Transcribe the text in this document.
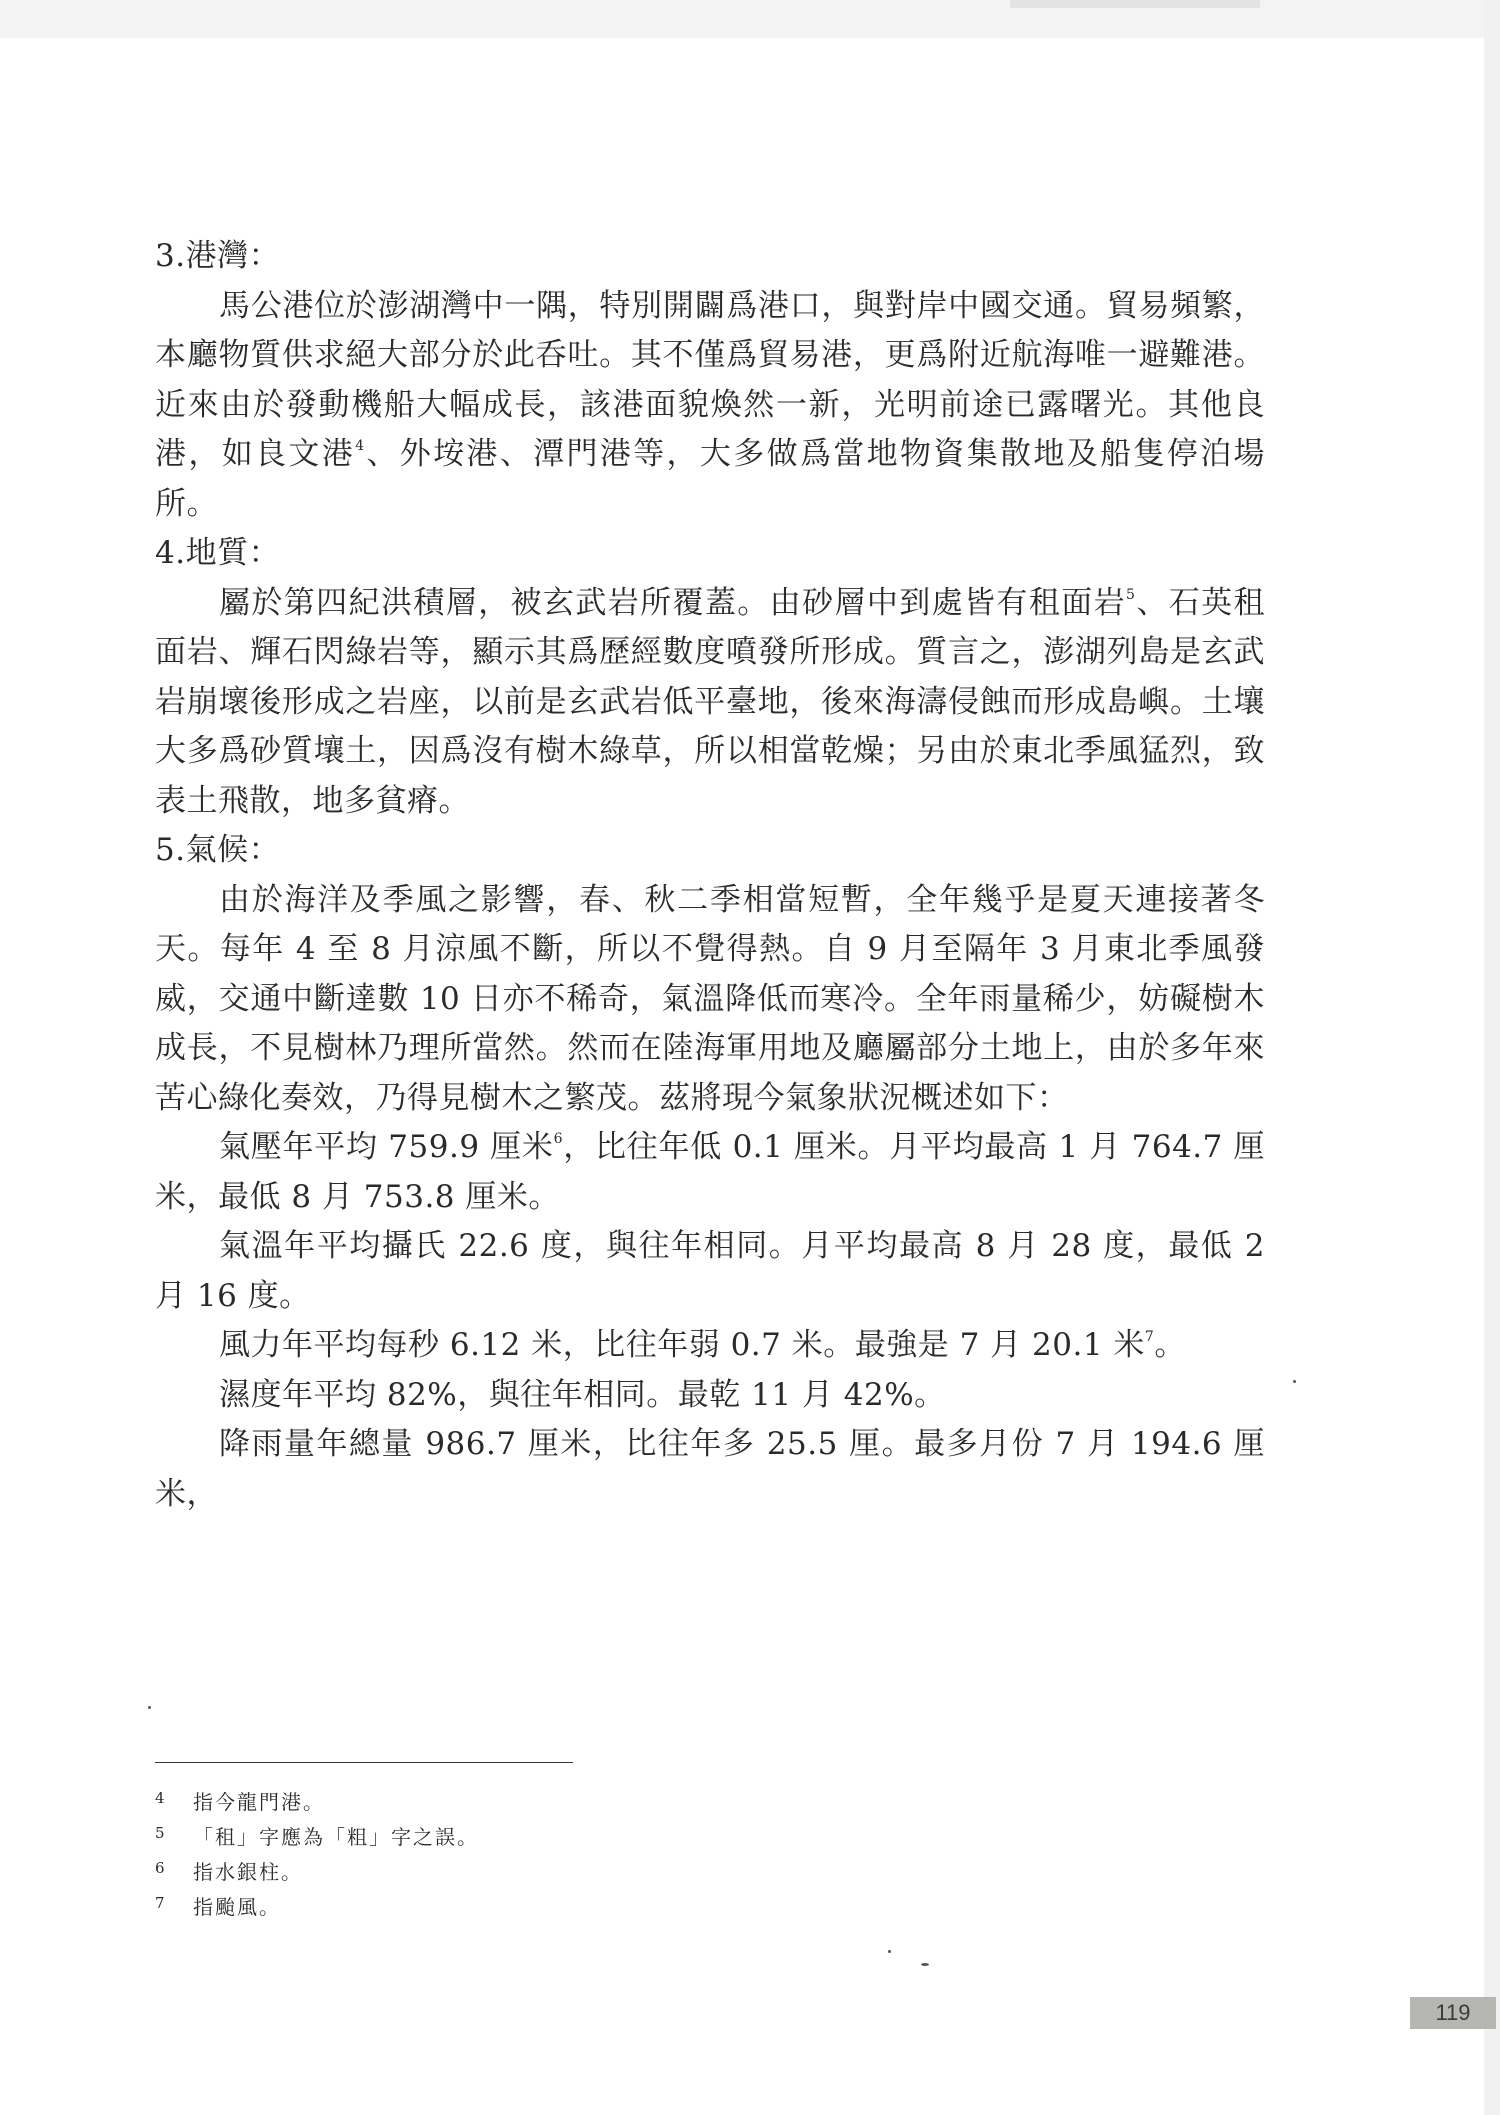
3.港灣：

馬公港位於澎湖灣中一隅，特別開闢爲港口，與對岸中國交通。貿易頻繁，本廳物質供求絕大部分於此呑吐。其不僅爲貿易港，更爲附近航海唯一避難港。近來由於發動機船大幅成長，該港面貌煥然一新，光明前途已露曙光。其他良港，如良文港$^4$、外垵港、潭門港等，大多做爲當地物資集散地及船隻停泊場所。

4.地質：

屬於第四紀洪積層，被玄武岩所覆蓋。由砂層中到處皆有租面岩$^5$、石英租面岩、輝石閃綠岩等，顯示其爲歷經數度噴發所形成。質言之，澎湖列島是玄武岩崩壞後形成之岩座，以前是玄武岩低平臺地，後來海濤侵蝕而形成島嶼。土壤大多爲砂質壤土，因爲沒有樹木綠草，所以相當乾燥；另由於東北季風猛烈，致表土飛散，地多貧瘠。

5.氣候：

由於海洋及季風之影響，春、秋二季相當短暫，全年幾乎是夏天連接著冬天。每年 4 至 8 月涼風不斷，所以不覺得熱。自 9 月至隔年 3 月東北季風發威，交通中斷達數 10 日亦不稀奇，氣溫降低而寒冷。全年雨量稀少，妨礙樹木成長，不見樹林乃理所當然。然而在陸海軍用地及廳屬部分土地上，由於多年來苦心綠化奏效，乃得見樹木之繁茂。茲將現今氣象狀況概述如下：

氣壓年平均 759.9 厘米$^6$，比往年低 0.1 厘米。月平均最高 1 月 764.7 厘米，最低 8 月 753.8 厘米。

氣溫年平均攝氏 22.6 度，與往年相同。月平均最高 8 月 28 度，最低 2 月 16 度。

風力年平均每秒 6.12 米，比往年弱 0.7 米。最強是 7 月 20.1 米$^7$。

濕度年平均 82%，與往年相同。最乾 11 月 42%。

降雨量年總量 986.7 厘米，比往年多 25.5 厘。最多月份 7 月 194.6 厘米，

4 指今龍門港。

5 「租」字應為「粗」字之誤。

6 指水銀柱。

7 指颱風。

119
